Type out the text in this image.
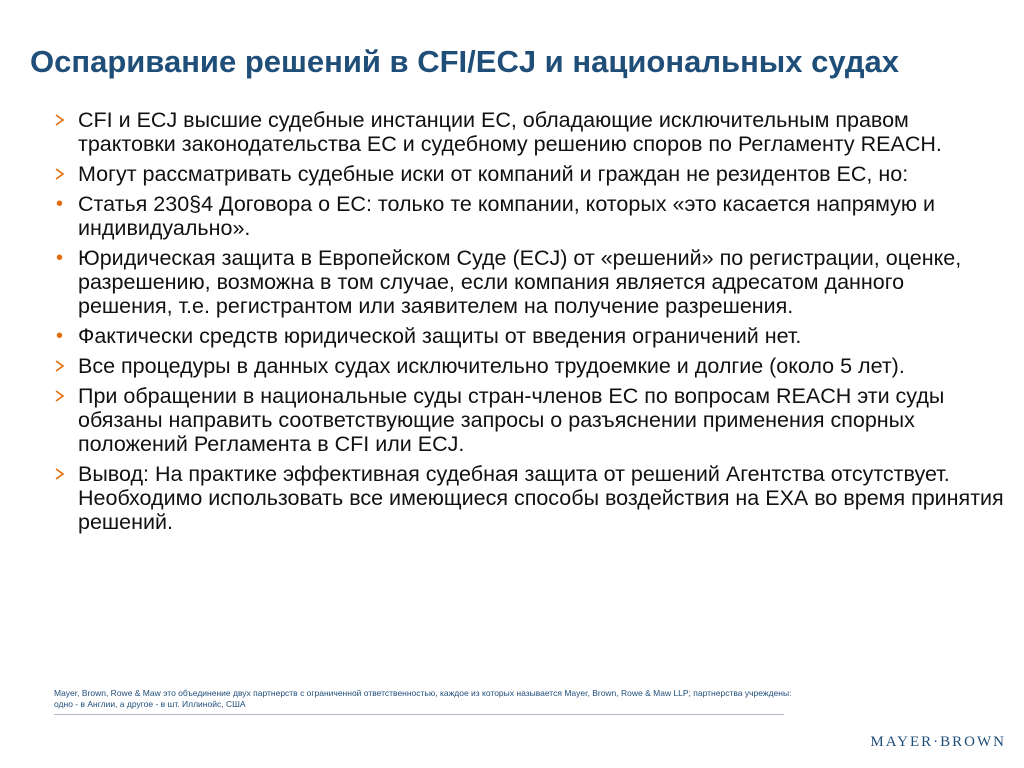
Оспаривание решений в CFI/ECJ и национальных судах
CFI и ECJ высшие судебные инстанции ЕС, обладающие исключительным правом трактовки законодательства ЕС и судебному решению споров по Регламенту REACH.
Могут рассматривать судебные иски от компаний и граждан не резидентов ЕС, но:
• Статья 230§4 Договора о ЕС: только те компании, которых «это касается напрямую и индивидуально».
• Юридическая защита в Европейском Суде (ECJ) от «решений» по регистрации, оценке, разрешению, возможна в том случае, если компания является адресатом данного решения, т.е. регистрантом или заявителем на получение разрешения.
• Фактически средств юридической защиты от введения ограничений нет.
Все процедуры в данных судах исключительно трудоемкие и долгие (около 5 лет).
При обращении в национальные суды стран-членов ЕС по вопросам REACH эти суды обязаны направить соответствующие запросы о разъяснении применения спорных положений Регламента в CFI или ECJ.
Вывод: На практике эффективная судебная защита от решений Агентства отсутствует. Необходимо использовать все имеющиеся способы воздействия на ЕХА во время принятия решений.
Mayer, Brown, Rowe & Maw это объединение двух партнерств с ограниченной ответственностью, каждое из которых называется Mayer, Brown, Rowe & Maw LLP; партнерства учреждены:
одно - в Англии, а другое - в шт. Иллинойс, США
MAYER·BROWN
